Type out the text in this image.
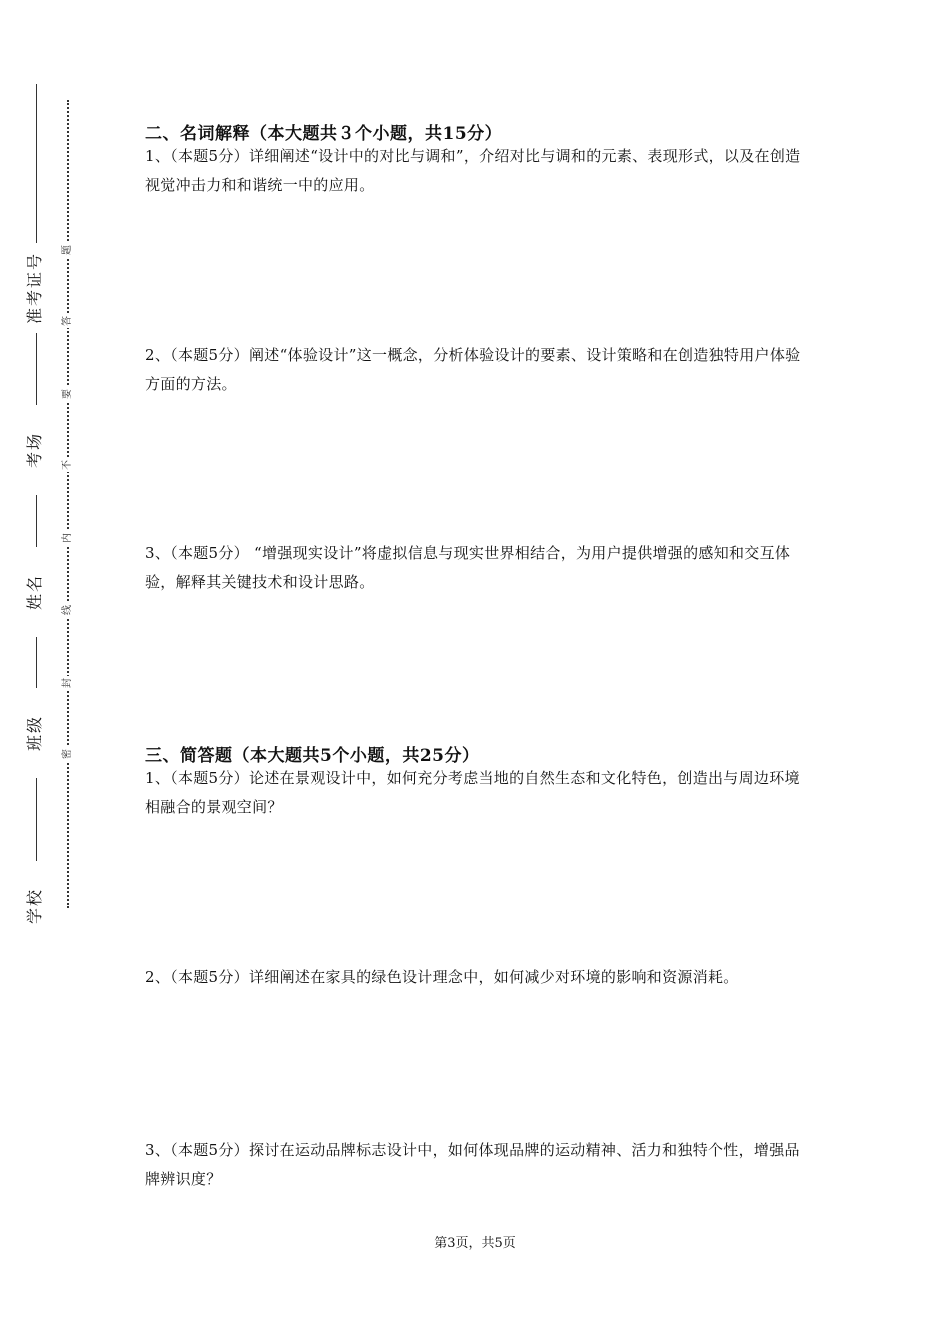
准考证号
考场
姓名
班级
学校
题
答
要
不
内
线
封
密
二、名词解释（本大题共３个小题，共15分）
1、（本题5分）详细阐述“设计中的对比与调和”，介绍对比与调和的元素、表现形式，以及在创造视觉冲击力和和谐统一中的应用。
2、（本题5分）阐述“体验设计”这一概念，分析体验设计的要素、设计策略和在创造独特用户体验方面的方法。
3、（本题5分） “增强现实设计”将虚拟信息与现实世界相结合，为用户提供增强的感知和交互体验，解释其关键技术和设计思路。
三、简答题（本大题共5个小题，共25分）
1、（本题5分）论述在景观设计中，如何充分考虑当地的自然生态和文化特色，创造出与周边环境相融合的景观空间？
2、（本题5分）详细阐述在家具的绿色设计理念中，如何减少对环境的影响和资源消耗。
3、（本题5分）探讨在运动品牌标志设计中，如何体现品牌的运动精神、活力和独特个性，增强品牌辨识度？
第3页，共5页
